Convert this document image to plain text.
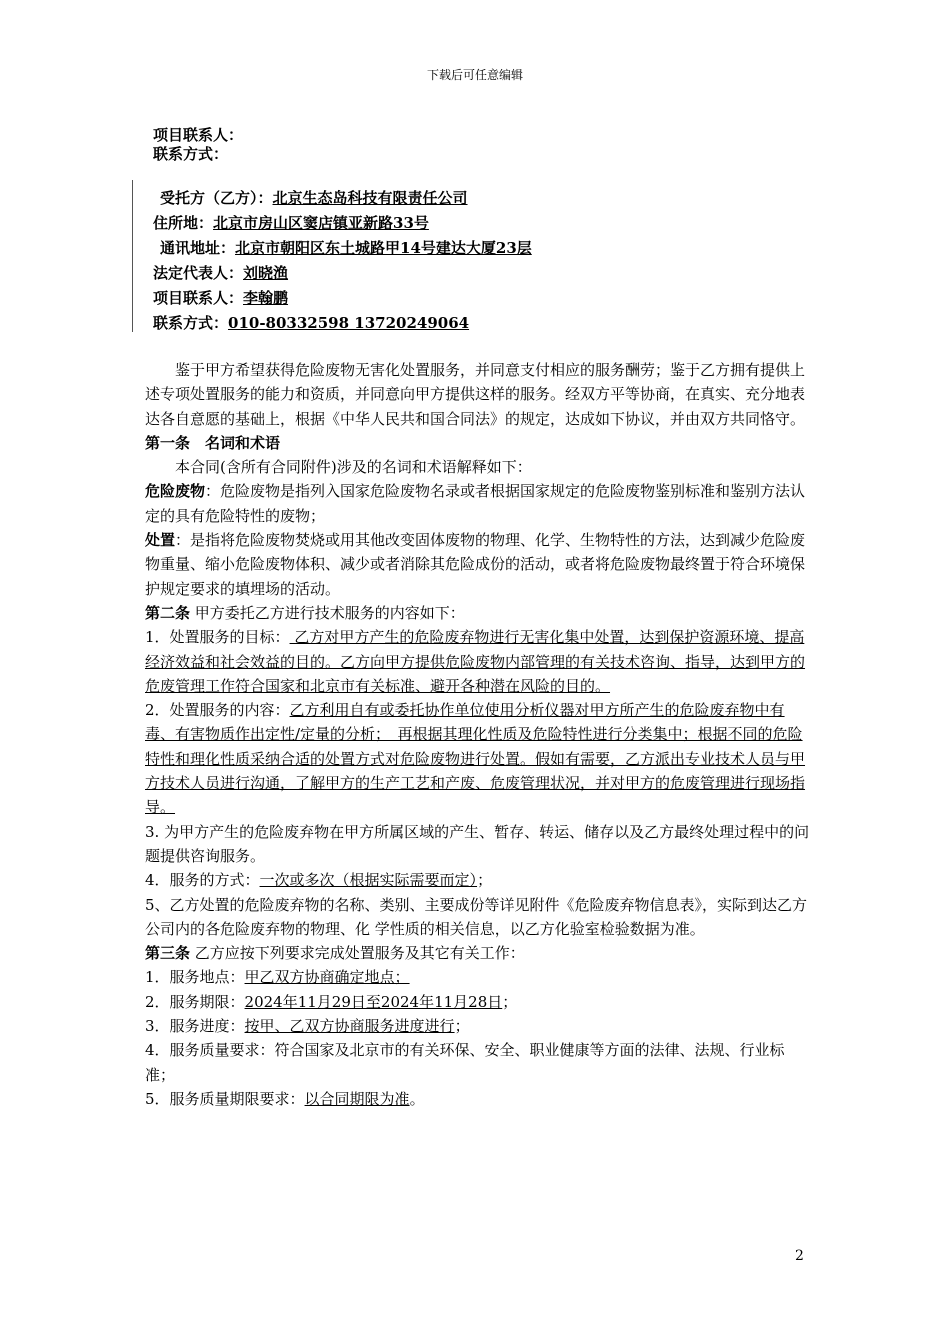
下载后可任意编辑
项目联系人：
联系方式：
受托方（乙方）：北京生态岛科技有限责任公司
住所地：北京市房山区窦店镇亚新路33号
通讯地址：北京市朝阳区东土城路甲14号建达大厦23层
法定代表人：刘晓渔
项目联系人：李翰鹏
联系方式：010-80332598 13720249064

鉴于甲方希望获得危险废物无害化处置服务，并同意支付相应的服务酬劳；鉴于乙方拥有提供上述专项处置服务的能力和资质，并同意向甲方提供这样的服务。经双方平等协商，在真实、充分地表达各自意愿的基础上，根据《中华人民共和国合同法》的规定，达成如下协议，并由双方共同恪守。

第一条　名词和术语

本合同(含所有合同附件)涉及的名词和术语解释如下：

危险废物：危险废物是指列入国家危险废物名录或者根据国家规定的危险废物鉴别标准和鉴别方法认定的具有危险特性的废物；

处置：是指将危险废物焚烧或用其他改变固体废物的物理、化学、生物特性的方法，达到减少危险废物重量、缩小危险废物体积、减少或者消除其危险成份的活动，或者将危险废物最终置于符合环境保护规定要求的填埋场的活动。

第二条 甲方委托乙方进行技术服务的内容如下：

1．处置服务的目标： 乙方对甲方产生的危险废弃物进行无害化集中处置，达到保护资源环境、提高经济效益和社会效益的目的。乙方向甲方提供危险废物内部管理的有关技术咨询、指导，达到甲方的危废管理工作符合国家和北京市有关标准、避开各种潜在风险的目的。

2．处置服务的内容：乙方利用自有或委托协作单位使用分析仪器对甲方所产生的危险废弃物中有毒、有害物质作出定性/定量的分析；　再根据其理化性质及危险特性进行分类集中；根据不同的危险特性和理化性质采纳合适的处置方式对危险废物进行处置。假如有需要，乙方派出专业技术人员与甲方技术人员进行沟通，了解甲方的生产工艺和产废、危废管理状况，并对甲方的危废管理进行现场指导。

3. 为甲方产生的危险废弃物在甲方所属区域的产生、暂存、转运、储存以及乙方最终处理过程中的问题提供咨询服务。

4．服务的方式：一次或多次（根据实际需要而定）；

5、乙方处置的危险废弃物的名称、类别、主要成份等详见附件《危险废弃物信息表》，实际到达乙方公司内的各危险废弃物的物理、化 学性质的相关信息，以乙方化验室检验数据为准。

第三条 乙方应按下列要求完成处置服务及其它有关工作：

1．服务地点：甲乙双方协商确定地点；

2．服务期限：2024年11月29日至2024年11月28日；

3．服务进度：按甲、乙双方协商服务进度进行；

4．服务质量要求：符合国家及北京市的有关环保、安全、职业健康等方面的法律、法规、行业标准；

5．服务质量期限要求：以合同期限为准。

2
